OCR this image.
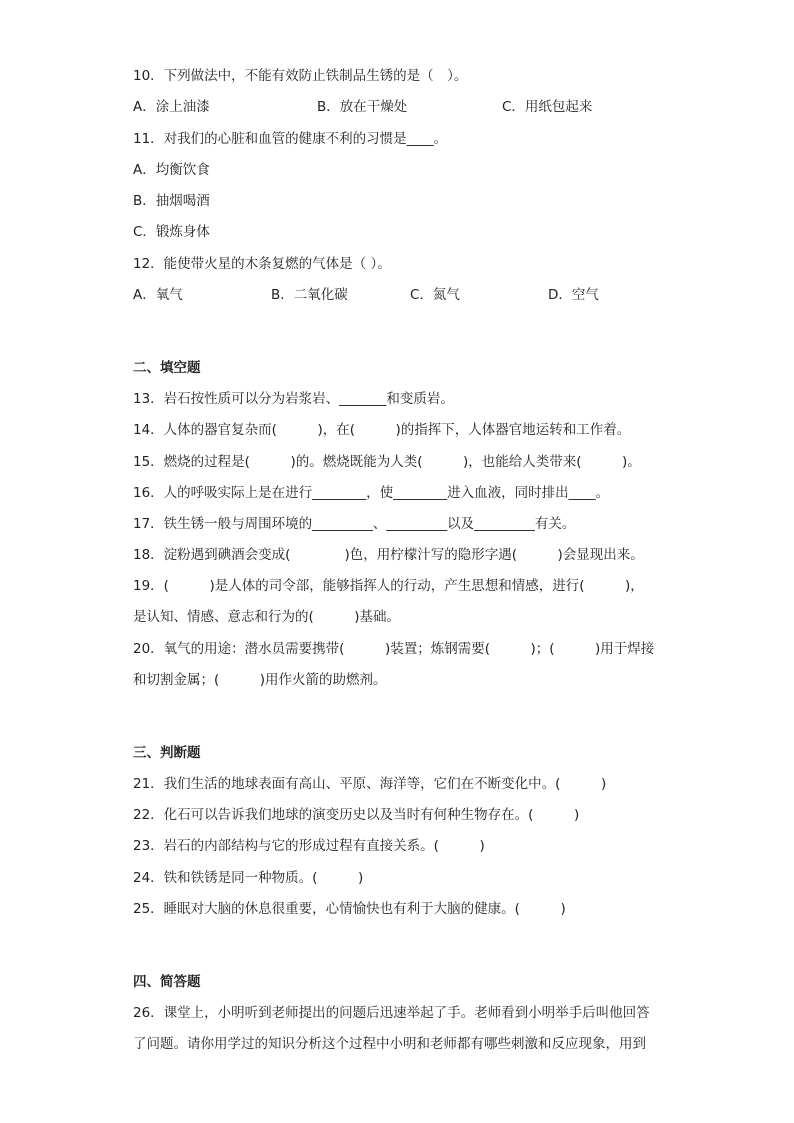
10．下列做法中，不能有效防止铁制品生锈的是（　）。
A．涂上油漆	B．放在干燥处	C．用纸包起来
11．对我们的心脏和血管的健康不利的习惯是____。
A．均衡饮食
B．抽烟喝酒
C．锻炼身体
12．能使带火星的木条复燃的气体是（ ）。
A．氧气	B．二氧化碳	C．氮气	D．空气
二、填空题
13．岩石按性质可以分为岩浆岩、_______和变质岩。
14．人体的器官复杂而(　　　)，在(　　　)的指挥下，人体器官地运转和工作着。
15．燃烧的过程是(　　　)的。燃烧既能为人类(　　　)，也能给人类带来(　　　)。
16．人的呼吸实际上是在进行________，使________进入血液，同时排出____。
17．铁生锈一般与周围环境的_________、_________以及_________有关。
18．淀粉遇到碘酒会变成(　　　　)色，用柠檬汁写的隐形字遇(　　　)会显现出来。
19．(　　　)是人体的司令部，能够指挥人的行动，产生思想和情感，进行(　　　)，
是认知、情感、意志和行为的(　　　)基础。
20．氧气的用途：潜水员需要携带(　　　)装置；炼钢需要(　　　)；(　　　)用于焊接
和切割金属；(　　　)用作火箭的助燃剂。
三、判断题
21．我们生活的地球表面有高山、平原、海洋等，它们在不断变化中。(　　　)
22．化石可以告诉我们地球的演变历史以及当时有何种生物存在。(　　　)
23．岩石的内部结构与它的形成过程有直接关系。(　　　)
24．铁和铁锈是同一种物质。(　　　)
25．睡眠对大脑的休息很重要，心情愉快也有利于大脑的健康。(　　　)
四、简答题
26．课堂上，小明听到老师提出的问题后迅速举起了手。老师看到小明举手后叫他回答
了问题。请你用学过的知识分析这个过程中小明和老师都有哪些刺激和反应现象，用到
